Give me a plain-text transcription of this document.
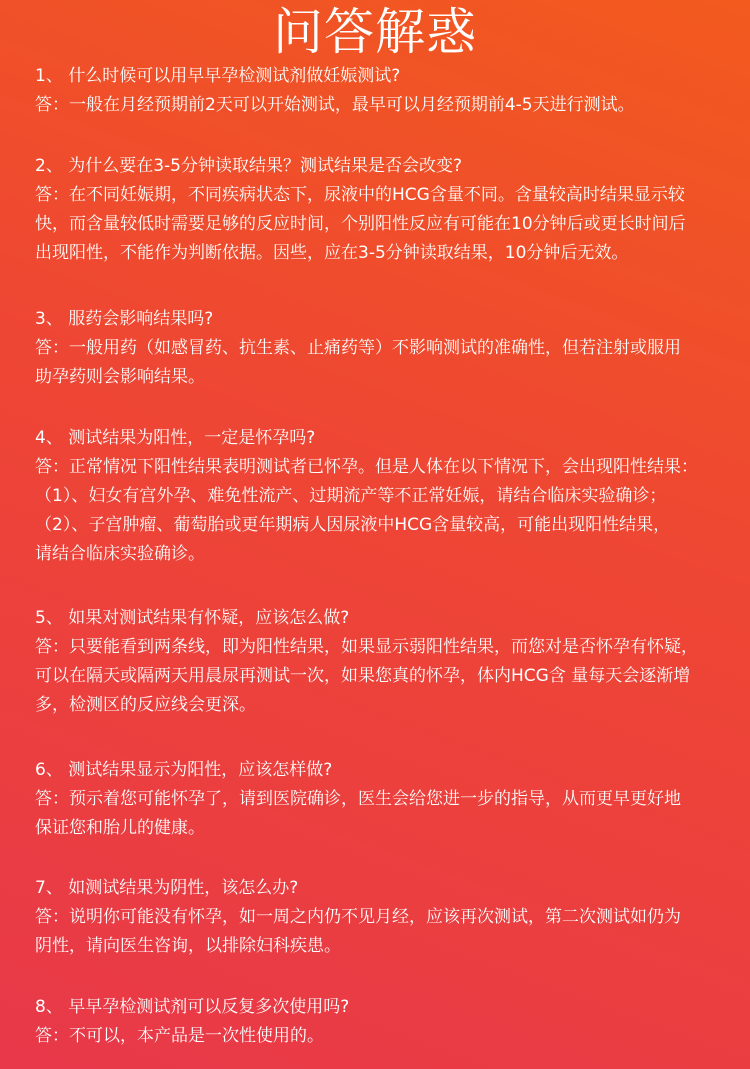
问答解惑

1、 什么时候可以用早早孕检测试剂做妊娠测试?

答：一般在月经预期前2天可以开始测试，最早可以月经预期前4-5天进行测试。

2、 为什么要在3-5分钟读取结果？测试结果是否会改变?

答：在不同妊娠期，不同疾病状态下，尿液中的HCG含量不同。含量较高时结果显示较

快，而含量较低时需要足够的反应时间，个别阳性反应有可能在10分钟后或更长时间后

出现阳性，不能作为判断依据。因些，应在3-5分钟读取结果，10分钟后无效。

3、 服药会影响结果吗?

答：一般用药（如感冒药、抗生素、止痛药等）不影响测试的准确性，但若注射或服用

助孕药则会影响结果。

4、 测试结果为阳性，一定是怀孕吗?

答：正常情况下阳性结果表明测试者已怀孕。但是人体在以下情况下，会出现阳性结果：

（1）、妇女有宫外孕、难免性流产、过期流产等不正常妊娠，请结合临床实验确诊；

（2）、子宫肿瘤、葡萄胎或更年期病人因尿液中HCG含量较高，可能出现阳性结果，

请结合临床实验确诊。

5、 如果对测试结果有怀疑，应该怎么做?

答：只要能看到两条线，即为阳性结果，如果显示弱阳性结果，而您对是否怀孕有怀疑，

可以在隔天或隔两天用晨尿再测试一次，如果您真的怀孕，体内HCG含 量每天会逐渐增

多，检测区的反应线会更深。

6、 测试结果显示为阳性，应该怎样做?

答：预示着您可能怀孕了，请到医院确诊，医生会给您进一步的指导，从而更早更好地

保证您和胎儿的健康。

7、 如测试结果为阴性，该怎么办?

答：说明你可能没有怀孕，如一周之内仍不见月经，应该再次测试，第二次测试如仍为

阴性，请向医生咨询，以排除妇科疾患。

8、 早早孕检测试剂可以反复多次使用吗?

答：不可以，本产品是一次性使用的。
